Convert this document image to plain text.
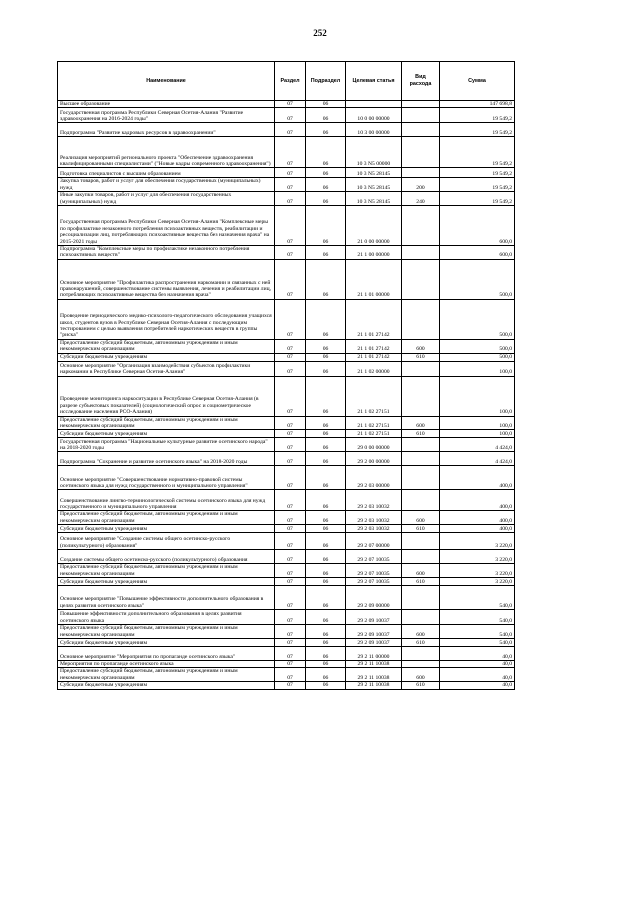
252
Наименование	Раздел	Подраздел	Целевая статья	Вид расхода	Сумма
Высшее образование	07	06			147 698,8
Государственная программа Республики Северная Осетия-Алания "Развитие здравоохранения на 2016-2024 годы"	07	06	10 0 00 00000		19 549,2
Подпрограмма "Развитие кадровых ресурсов в здравоохранении"	07	06	10 3 00 00000		19 549,2
Реализация мероприятий регионального проекта "Обеспечение здравоохранения квалифицированными специалистами" ("Новые кадры современного здравоохранения")	07	06	10 3 N5 00000		19 549,2
Подготовка специалистов с высшим образованием	07	06	10 3 N5 28145		19 549,2
Закупка товаров, работ и услуг для обеспечения государственных (муниципальных) нужд	07	06	10 3 N5 28145	200	19 549,2
Иные закупки товаров, работ и услуг для обеспечения государственных (муниципальных) нужд	07	06	10 3 N5 28145	240	19 549,2
Государственная программа Республики Северная Осетия-Алания "Комплексные меры по профилактике незаконного потребления психоактивных веществ, реабилитации и ресоциализации лиц, потребляющих психоактивные вещества без назначения врача" на 2015-2021 годы	07	06	21 0 00 00000		600,0
Подпрограмма "Комплексные меры по профилактике незаконного потребления психоактивных веществ"	07	06	21 1 00 00000		600,0
Основное мероприятие "Профилактика распространения наркомании и связанных с ней правонарушений, совершенствование системы выявления, лечения и реабилитации лиц, потребляющих психоактивные вещества без назначения врача"	07	06	21 1 01 00000		500,0
Проведение периодического медико-психолого-педагогического обследования учащихся школ, студентов вузов в Республике Северная Осетия-Алания с последующим тестированием с целью выявления потребителей наркотических веществ в группы "риска"	07	06	21 1 01 27142		500,0
Предоставление субсидий бюджетным, автономным учреждениям и иным некоммерческим организациям	07	06	21 1 01 27142	600	500,0
Субсидии бюджетным учреждениям	07	06	21 1 01 27142	610	500,0
Основное мероприятие "Организация взаимодействия субъектов профилактики наркомании в Республике Северная Осетия-Алания"	07	06	21 1 02 00000		100,0
Проведение мониторинга наркоситуации в Республике Северная Осетия-Алания (в разрезе субъектовых показателей) (социологический опрос и социометрическое исследование населения РСО-Алания)	07	06	21 1 02 27151		100,0
Предоставление субсидий бюджетным, автономным учреждениям и иным некоммерческим организациям	07	06	21 1 02 27151	600	100,0
Субсидии бюджетным учреждениям	07	06	21 1 02 27151	610	100,0
Государственная программа "Национальные культурные развитие осетинского народа" на 2018-2020 годы	07	06	29 0 00 00000		4 424,0
Подпрограмма "Сохранение и развитие осетинского языка" на 2018-2020 годы	07	06	29 2 00 00000		4 424,0
Основное мероприятие "Совершенствование нормативно-правовой системы осетинского языка для нужд государственного и муниципального управления"	07	06	29 2 03 00000		400,0
Совершенствование лингво-терминологической системы осетинского языка для нужд государственного и муниципального управления	07	06	29 2 03 10032		400,0
Предоставление субсидий бюджетным, автономным учреждениям и иным некоммерческим организациям	07	06	29 2 03 10032	600	400,0
Субсидии бюджетным учреждениям	07	06	29 2 03 10032	610	400,0
Основное мероприятие "Создание системы общего осетинско-русского (поликультурного) образования"	07	06	29 2 07 00000		3 220,0
Создание системы общего осетинско-русского (поликультурного) образования	07	06	29 2 07 10035		3 220,0
Предоставление субсидий бюджетным, автономным учреждениям и иным некоммерческим организациям	07	06	29 2 07 10035	600	3 220,0
Субсидии бюджетным учреждениям	07	06	29 2 07 10035	610	3 220,0
Основное мероприятие "Повышение эффективности дополнительного образования в целях развития осетинского языка"	07	06	29 2 09 00000		540,0
Повышение эффективности дополнительного образования в целях развития осетинского языка	07	06	29 2 09 10037		540,0
Предоставление субсидий бюджетным, автономным учреждениям и иным некоммерческим организациям	07	06	29 2 09 10037	600	540,0
Субсидии бюджетным учреждениям	07	06	29 2 09 10037	610	540,0
Основное мероприятие "Мероприятия по пропаганде осетинского языка"	07	06	29 2 11 00000		40,0
Мероприятия по пропаганде осетинского языка	07	06	29 2 11 10038		40,0
Предоставление субсидий бюджетным, автономным учреждениям и иным некоммерческим организациям	07	06	29 2 11 10038	600	40,0
Субсидии бюджетным учреждениям	07	06	29 2 11 10038	610	40,0
